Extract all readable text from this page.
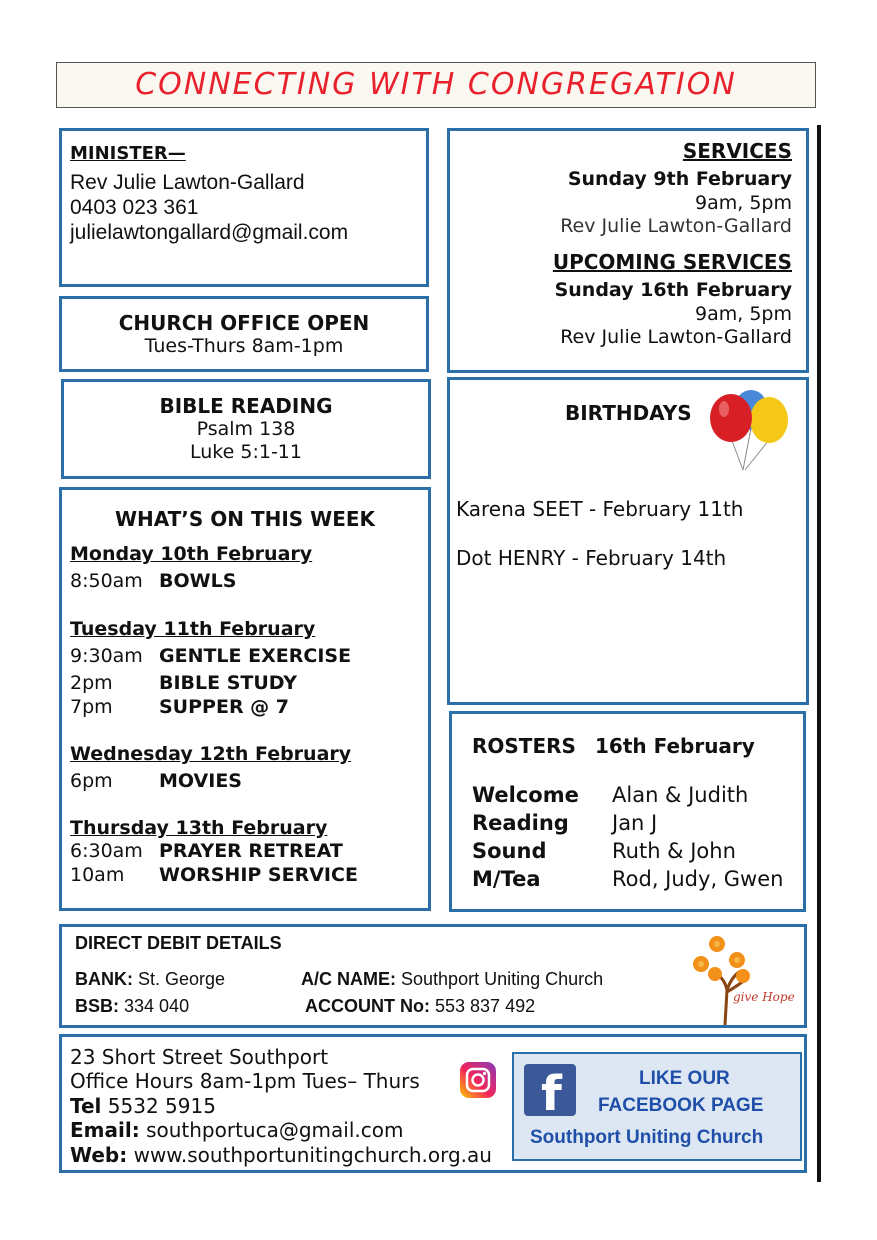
CONNECTING WITH CONGREGATION
MINISTER—
Rev Julie Lawton-Gallard
0403 023 361
julielawtongallard@gmail.com
CHURCH OFFICE OPEN
Tues-Thurs 8am-1pm
BIBLE READING
Psalm 138
Luke 5:1-11
WHAT’S ON THIS WEEK
Monday 10th February
8:50am BOWLS
Tuesday 11th February
9:30am GENTLE EXERCISE
2pm BIBLE STUDY
7pm SUPPER @ 7
Wednesday 12th February
6pm MOVIES
Thursday 13th February
6:30am PRAYER RETREAT
10am WORSHIP SERVICE
SERVICES
Sunday 9th February
9am, 5pm
Rev Julie Lawton-Gallard
UPCOMING SERVICES
Sunday 16th February
9am, 5pm
Rev Julie Lawton-Gallard
BIRTHDAYS
Karena SEET - February 11th
Dot HENRY - February 14th
ROSTERS 16th February
Welcome Alan & Judith
Reading Jan J
Sound	Ruth & John
M/Tea	Rod, Judy, Gwen
DIRECT DEBIT DETAILS
BANK: St. George	A/C NAME: Southport Uniting Church
BSB: 334 040	ACCOUNT No: 553 837 492	give Hope
23 Short Street Southport
Office Hours 8am-1pm Tues– Thurs
Tel 5532 5915
Email: southportuca@gmail.com
Web: www.southportunitingchurch.org.au
f	LIKE OUR
FACEBOOK PAGE
Southport Uniting Church
